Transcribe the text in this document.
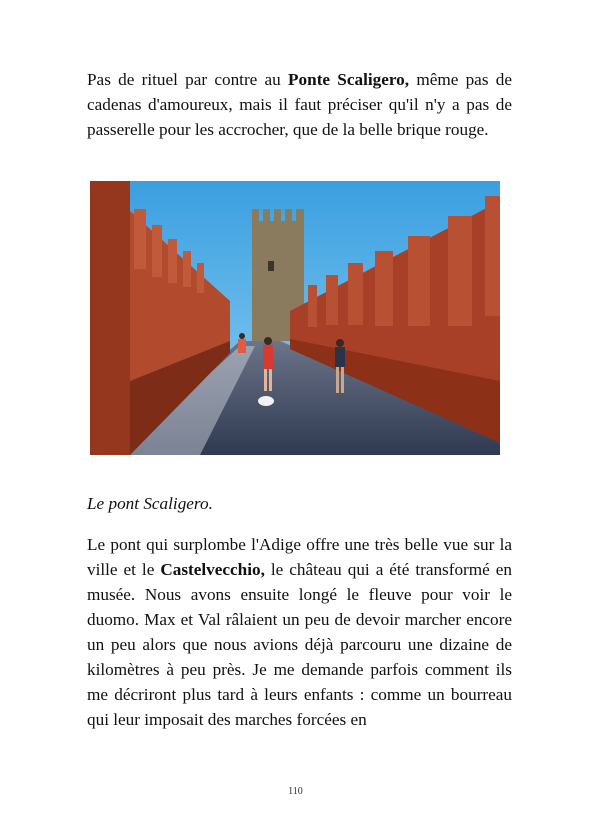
Pas de rituel par contre au Ponte Scaligero, même pas de cadenas d'amoureux, mais il faut préciser qu'il n'y a pas de passerelle pour les accrocher, que de la belle brique rouge.

Le pont Scaligero.

Le pont qui surplombe l'Adige offre une très belle vue sur la ville et le Castelvecchio, le château qui a été transformé en musée. Nous avons ensuite longé le fleuve pour voir le duomo. Max et Val râlaient un peu de devoir marcher encore un peu alors que nous avions déjà parcouru une dizaine de kilomètres à peu près. Je me demande parfois comment ils me décriront plus tard à leurs enfants : comme un bourreau qui leur imposait des marches forcées en

110
